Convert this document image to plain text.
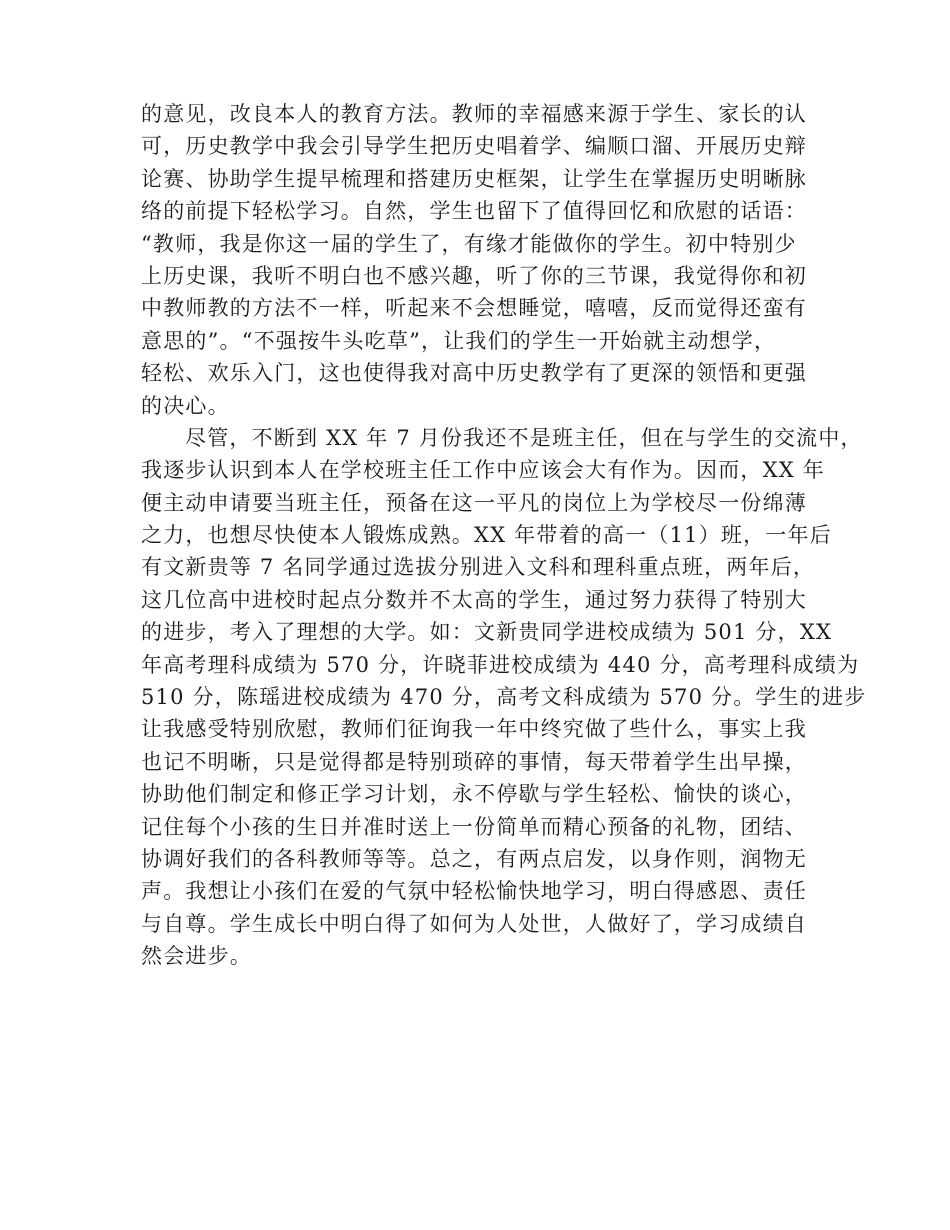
的意见，改良本人的教育方法。教师的幸福感来源于学生、家长的认
可，历史教学中我会引导学生把历史唱着学、编顺口溜、开展历史辩
论赛、协助学生提早梳理和搭建历史框架，让学生在掌握历史明晰脉
络的前提下轻松学习。自然，学生也留下了值得回忆和欣慰的话语：
“教师，我是你这一届的学生了，有缘才能做你的学生。初中特别少
上历史课，我听不明白也不感兴趣，听了你的三节课，我觉得你和初
中教师教的方法不一样，听起来不会想睡觉，嘻嘻，反而觉得还蛮有
意思的”。“不强按牛头吃草”，让我们的学生一开始就主动想学，
轻松、欢乐入门，这也使得我对高中历史教学有了更深的领悟和更强
的决心。
尽管，不断到 XX 年 7 月份我还不是班主任，但在与学生的交流中，
我逐步认识到本人在学校班主任工作中应该会大有作为。因而，XX 年
便主动申请要当班主任，预备在这一平凡的岗位上为学校尽一份绵薄
之力，也想尽快使本人锻炼成熟。XX 年带着的高一（11）班，一年后
有文新贵等 7 名同学通过选拔分别进入文科和理科重点班，两年后，
这几位高中进校时起点分数并不太高的学生，通过努力获得了特别大
的进步，考入了理想的大学。如：文新贵同学进校成绩为 501 分，XX
年高考理科成绩为 570 分，许晓菲进校成绩为 440 分，高考理科成绩为
510 分，陈瑶进校成绩为 470 分，高考文科成绩为 570 分。学生的进步
让我感受特别欣慰，教师们征询我一年中终究做了些什么，事实上我
也记不明晰，只是觉得都是特别琐碎的事情，每天带着学生出早操，
协助他们制定和修正学习计划，永不停歇与学生轻松、愉快的谈心，
记住每个小孩的生日并准时送上一份简单而精心预备的礼物，团结、
协调好我们的各科教师等等。总之，有两点启发，以身作则，润物无
声。我想让小孩们在爱的气氛中轻松愉快地学习，明白得感恩、责任
与自尊。学生成长中明白得了如何为人处世，人做好了，学习成绩自
然会进步。
